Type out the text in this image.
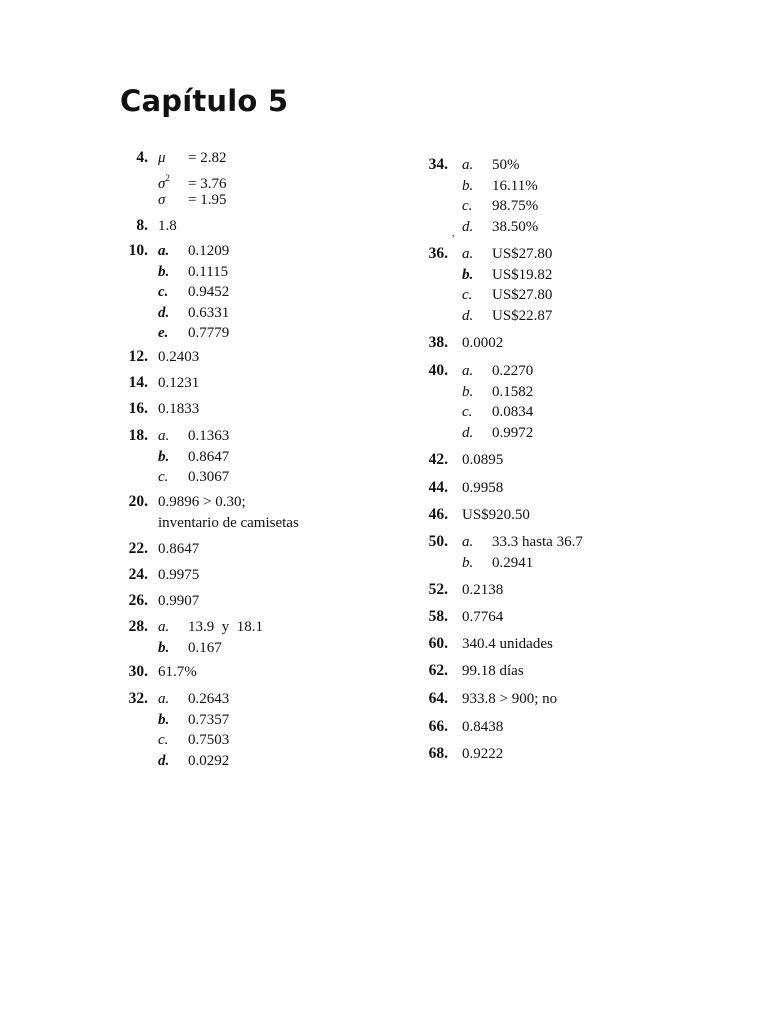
Capítulo 5
4. μ = 2.82
$\sigma^2 = 3.76$
σ = 1.95
8. 1.8
10. a. 0.1209
b. 0.1115
c. 0.9452
d. 0.6331
e. 0.7779
12. 0.2403
14. 0.1231
16. 0.1833
18. a. 0.1363
b. 0.8647
c. 0.3067
20. 0.9896 > 0.30;
inventario de camisetas
22. 0.8647
24. 0.9975
26. 0.9907
28. a. 13.9  y  18.1
b. 0.167
30. 61.7%
32. a. 0.2643
b. 0.7357
c. 0.7503
d. 0.0292
34. a. 50%
b. 16.11%
c. 98.75%
d. 38.50%
36. a. US$27.80
b. US$19.82
c. US$27.80
d. US$22.87
38. 0.0002
40. a. 0.2270
b. 0.1582
c. 0.0834
d. 0.9972
42. 0.0895
44. 0.9958
46. US$920.50
50. a. 33.3 hasta 36.7
b. 0.2941
52. 0.2138
58. 0.7764
60. 340.4 unidades
62. 99.18 días
64. 933.8 > 900; no
66. 0.8438
68. 0.9222
,
